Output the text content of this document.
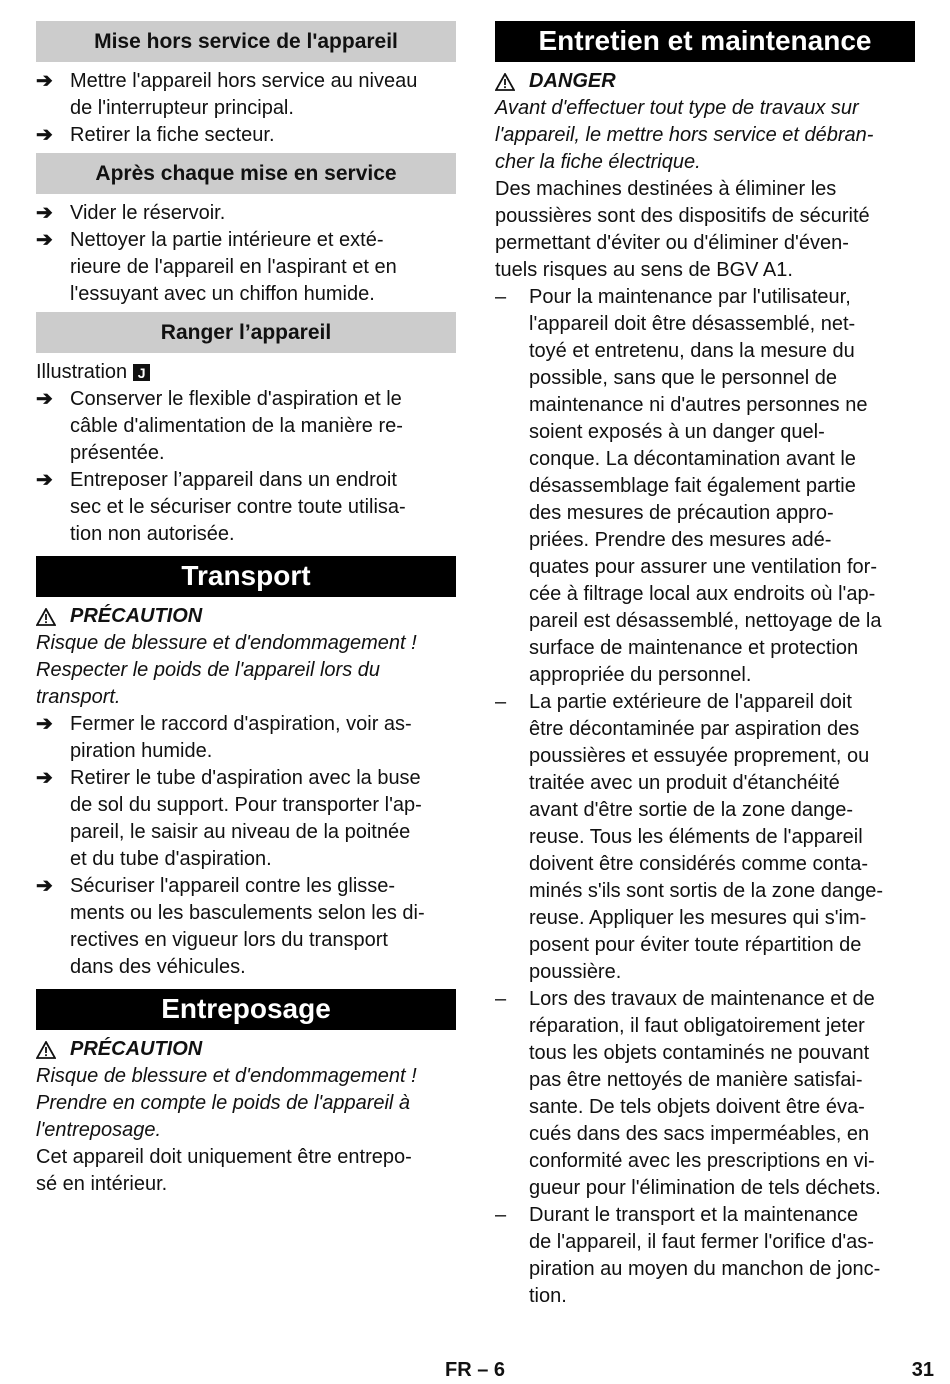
Mise hors service de l'appareil
➔ Mettre l'appareil hors service au niveau
de l'interrupteur principal.
➔ Retirer la fiche secteur.
Après chaque mise en service
➔ Vider le réservoir.
➔ Nettoyer la partie intérieure et exté-
rieure de l'appareil en l'aspirant et en
l'essuyant avec un chiffon humide.
Ranger l’appareil

Illustration J

➔ Conserver le flexible d'aspiration et le
câble d'alimentation de la manière re-
présentée.
➔ Entreposer l’appareil dans un endroit
sec et le sécuriser contre toute utilisa-
tion non autorisée.
Transport

PRÉCAUTION

Risque de blessure et d'endommagement !
Respecter le poids de l'appareil lors du
transport.

➔ Fermer le raccord d'aspiration, voir as-
piration humide.
➔ Retirer le tube d'aspiration avec la buse
de sol du support. Pour transporter l'ap-
pareil, le saisir au niveau de la poitnée
et du tube d'aspiration.
➔ Sécuriser l'appareil contre les glisse-
ments ou les basculements selon les di-
rectives en vigueur lors du transport
dans des véhicules.
Entreposage

PRÉCAUTION

Risque de blessure et d'endommagement !
Prendre en compte le poids de l'appareil à
l'entreposage.

Cet appareil doit uniquement être entrepo-
sé en intérieur.

Entretien et maintenance

DANGER

Avant d'effectuer tout type de travaux sur
l'appareil, le mettre hors service et débran-
cher la fiche électrique.

Des machines destinées à éliminer les
poussières sont des dispositifs de sécurité
permettant d'éviter ou d'éliminer d'éven-
tuels risques au sens de BGV A1.

–	Pour la maintenance par l'utilisateur,
l'appareil doit être désassemblé, net-
toyé et entretenu, dans la mesure du
possible, sans que le personnel de
maintenance ni d'autres personnes ne
soient exposés à un danger quel-
conque. La décontamination avant le
désassemblage fait également partie
des mesures de précaution appro-
priées. Prendre des mesures adé-
quates pour assurer une ventilation for-
cée à filtrage local aux endroits où l'ap-
pareil est désassemblé, nettoyage de la
surface de maintenance et protection
appropriée du personnel.
–	La partie extérieure de l'appareil doit
être décontaminée par aspiration des
poussières et essuyée proprement, ou
traitée avec un produit d'étanchéité
avant d'être sortie de la zone dange-
reuse. Tous les éléments de l'appareil
doivent être considérés comme conta-
minés s'ils sont sortis de la zone dange-
reuse. Appliquer les mesures qui s'im-
posent pour éviter toute répartition de
poussière.
–	Lors des travaux de maintenance et de
réparation, il faut obligatoirement jeter
tous les objets contaminés ne pouvant
pas être nettoyés de manière satisfai-
sante. De tels objets doivent être éva-
cués dans des sacs imperméables, en
conformité avec les prescriptions en vi-
gueur pour l'élimination de tels déchets.
–	Durant le transport et la maintenance
de l'appareil, il faut fermer l'orifice d'as-
piration au moyen du manchon de jonc-
tion.
FR – 6	31
